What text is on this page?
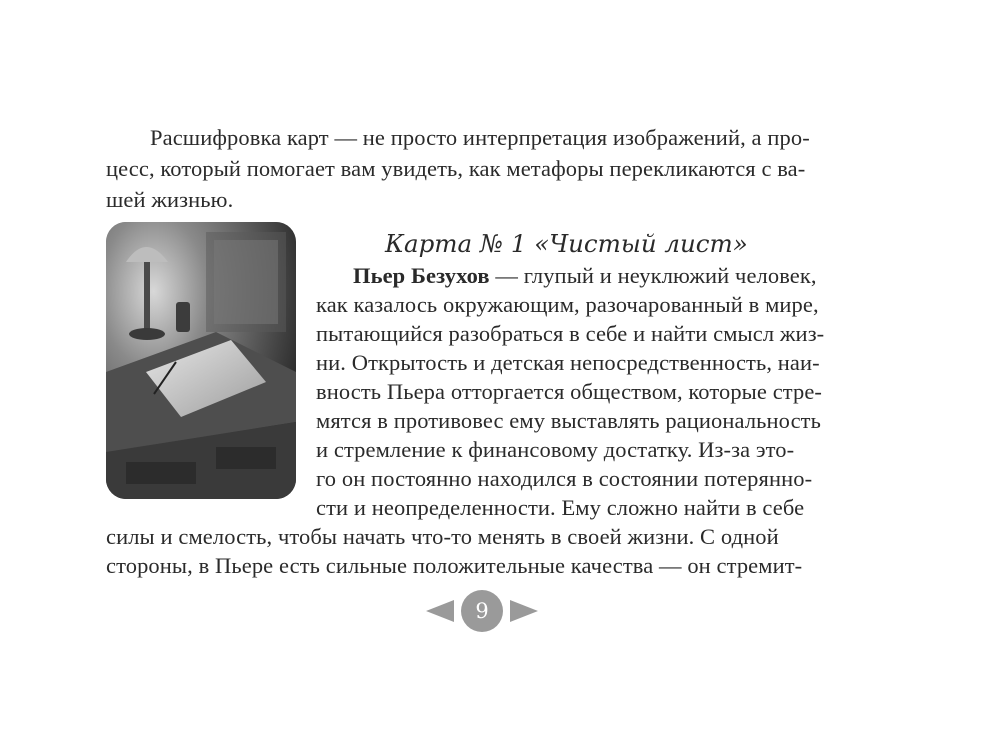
Расшифровка карт — не просто интерпретация изображений, а про-
цесс, который помогает вам увидеть, как метафоры перекликаются с ва-
шей жизнью.
Карта № 1 «Чистый лист»
Пьер Безухов — глупый и неуклюжий человек,
как казалось окружающим, разочарованный в мире,
пытающийся разобраться в себе и найти смысл жиз-
ни. Открытость и детская непосредственность, наи-
вность Пьера отторгается обществом, которые стре-
мятся в противовес ему выставлять рациональность
и стремление к финансовому достатку. Из-за это-
го он постоянно находился в состоянии потерянно-
сти и неопределенности. Ему сложно найти в себе
силы и смелость, чтобы начать что-то менять в своей жизни. С одной
стороны, в Пьере есть сильные положительные качества — он стремит-
9
